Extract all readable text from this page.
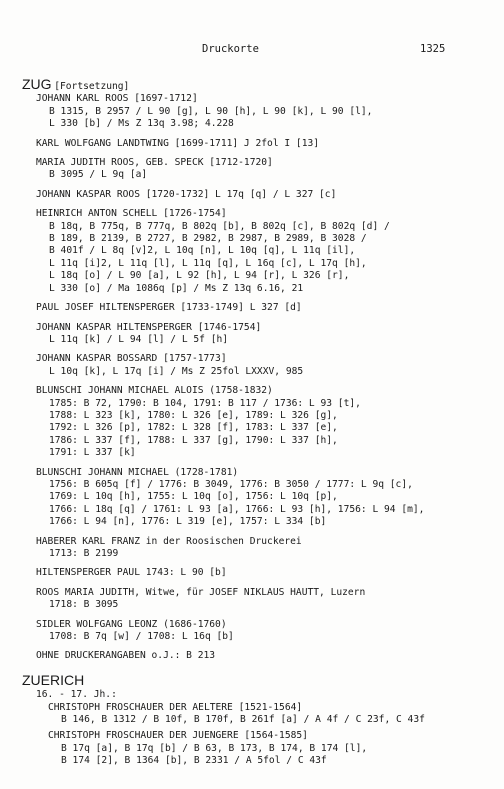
Druckorte	1325
ZUG [Fortsetzung]
JOHANN KARL ROOS [1697-1712]
B 1315, B 2957 / L 90 [g], L 90 [h], L 90 [k], L 90 [l],
L 330 [b] / Ms Z 13q 3.98; 4.228
KARL WOLFGANG LANDTWING [1699-1711] J 2fol I [13]
MARIA JUDITH ROOS, GEB. SPECK [1712-1720]
B 3095 / L 9q [a]
JOHANN KASPAR ROOS [1720-1732] L 17q [q] / L 327 [c]
HEINRICH ANTON SCHELL [1726-1754]
B 18q, B 775q, B 777q, B 802q [b], B 802q [c], B 802q [d] /
B 189, B 2139, B 2727, B 2982, B 2987, B 2989, B 3028 /
B 401f / L 8q [v]2, L 10q [n], L 10q [q], L 11q [il],
L 11q [i]2, L 11q [l], L 11q [q], L 16q [c], L 17q [h],
L 18q [o] / L 90 [a], L 92 [h], L 94 [r], L 326 [r],
L 330 [o] / Ma 1086q [p] / Ms Z 13q 6.16, 21
PAUL JOSEF HILTENSPERGER [1733-1749] L 327 [d]
JOHANN KASPAR HILTENSPERGER [1746-1754]
L 11q [k] / L 94 [l] / L 5f [h]
JOHANN KASPAR BOSSARD [1757-1773]
L 10q [k], L 17q [i] / Ms Z 25fol LXXXV, 985
BLUNSCHI JOHANN MICHAEL ALOIS (1758-1832)
1785: B 72, 1790: B 104, 1791: B 117 / 1736: L 93 [t],
1788: L 323 [k], 1780: L 326 [e], 1789: L 326 [g],
1792: L 326 [p], 1782: L 328 [f], 1783: L 337 [e],
1786: L 337 [f], 1788: L 337 [g], 1790: L 337 [h],
1791: L 337 [k]
BLUNSCHI JOHANN MICHAEL (1728-1781)
1756: B 605q [f] / 1776: B 3049, 1776: B 3050 / 1777: L 9q [c],
1769: L 10q [h], 1755: L 10q [o], 1756: L 10q [p],
1766: L 18q [q] / 1761: L 93 [a], 1766: L 93 [h], 1756: L 94 [m],
1766: L 94 [n], 1776: L 319 [e], 1757: L 334 [b]
HABERER KARL FRANZ in der Roosischen Druckerei
1713: B 2199
HILTENSPERGER PAUL 1743: L 90 [b]
ROOS MARIA JUDITH, Witwe, für JOSEF NIKLAUS HAUTT, Luzern
1718: B 3095
SIDLER WOLFGANG LEONZ (1686-1760)
1708: B 7q [w] / 1708: L 16q [b]
OHNE DRUCKERANGABEN o.J.: B 213
ZUERICH
16. - 17. Jh.:
CHRISTOPH FROSCHAUER DER AELTERE [1521-1564]
B 146, B 1312 / B 10f, B 170f, B 261f [a] / A 4f / C 23f, C 43f
CHRISTOPH FROSCHAUER DER JUENGERE [1564-1585]
B 17q [a], B 17q [b] / B 63, B 173, B 174, B 174 [l],
B 174 [2], B 1364 [b], B 2331 / A 5fol / C 43f
